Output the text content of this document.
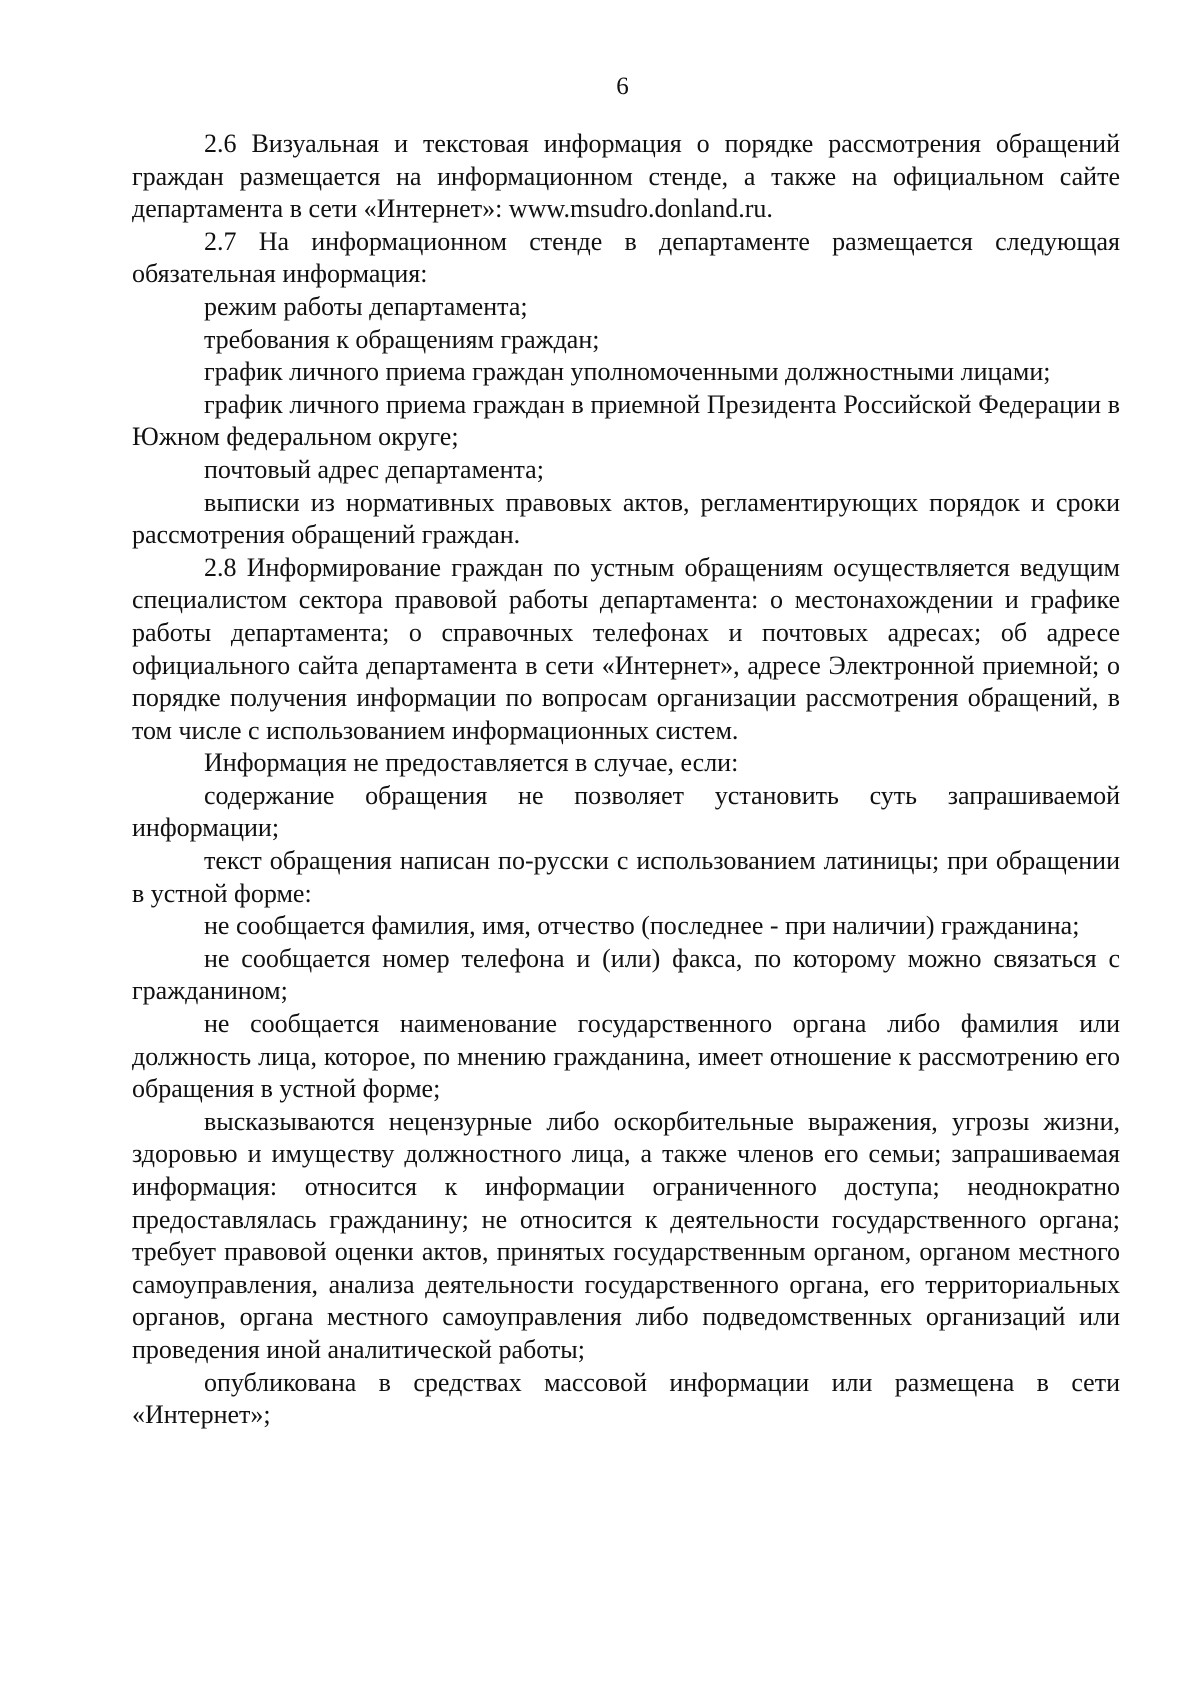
6

2.6 Визуальная и текстовая информация о порядке рассмотрения обращений граждан размещается на информационном стенде, а также на официальном сайте департамента в сети «Интернет»: www.msudro.donland.ru.

2.7 На информационном стенде в департаменте размещается следующая обязательная информация:

режим работы департамента;

требования к обращениям граждан;

график личного приема граждан уполномоченными должностными лицами;

график личного приема граждан в приемной Президента Российской Федерации в Южном федеральном округе;

почтовый адрес департамента;

выписки из нормативных правовых актов, регламентирующих порядок и сроки рассмотрения обращений граждан.

2.8 Информирование граждан по устным обращениям осуществляется ведущим специалистом сектора правовой работы департамента: о местонахождении и графике работы департамента; о справочных телефонах и почтовых адресах; об адресе официального сайта департамента в сети «Интернет», адресе Электронной приемной; о порядке получения информации по вопросам организации рассмотрения обращений, в том числе с использованием информационных систем.

Информация не предоставляется в случае, если:

содержание обращения не позволяет установить суть запрашиваемой информации;

текст обращения написан по-русски с использованием латиницы; при обращении в устной форме:

не сообщается фамилия, имя, отчество (последнее - при наличии) гражданина;

не сообщается номер телефона и (или) факса, по которому можно связаться с гражданином;

не сообщается наименование государственного органа либо фамилия или должность лица, которое, по мнению гражданина, имеет отношение к рассмотрению его обращения в устной форме;

высказываются нецензурные либо оскорбительные выражения, угрозы жизни, здоровью и имуществу должностного лица, а также членов его семьи; запрашиваемая информация: относится к информации ограниченного доступа; неоднократно предоставлялась гражданину; не относится к деятельности государственного органа; требует правовой оценки актов, принятых государственным органом, органом местного самоуправления, анализа деятельности государственного органа, его территориальных органов, органа местного самоуправления либо подведомственных организаций или проведения иной аналитической работы;

опубликована в средствах массовой информации или размещена в сети «Интернет»;
